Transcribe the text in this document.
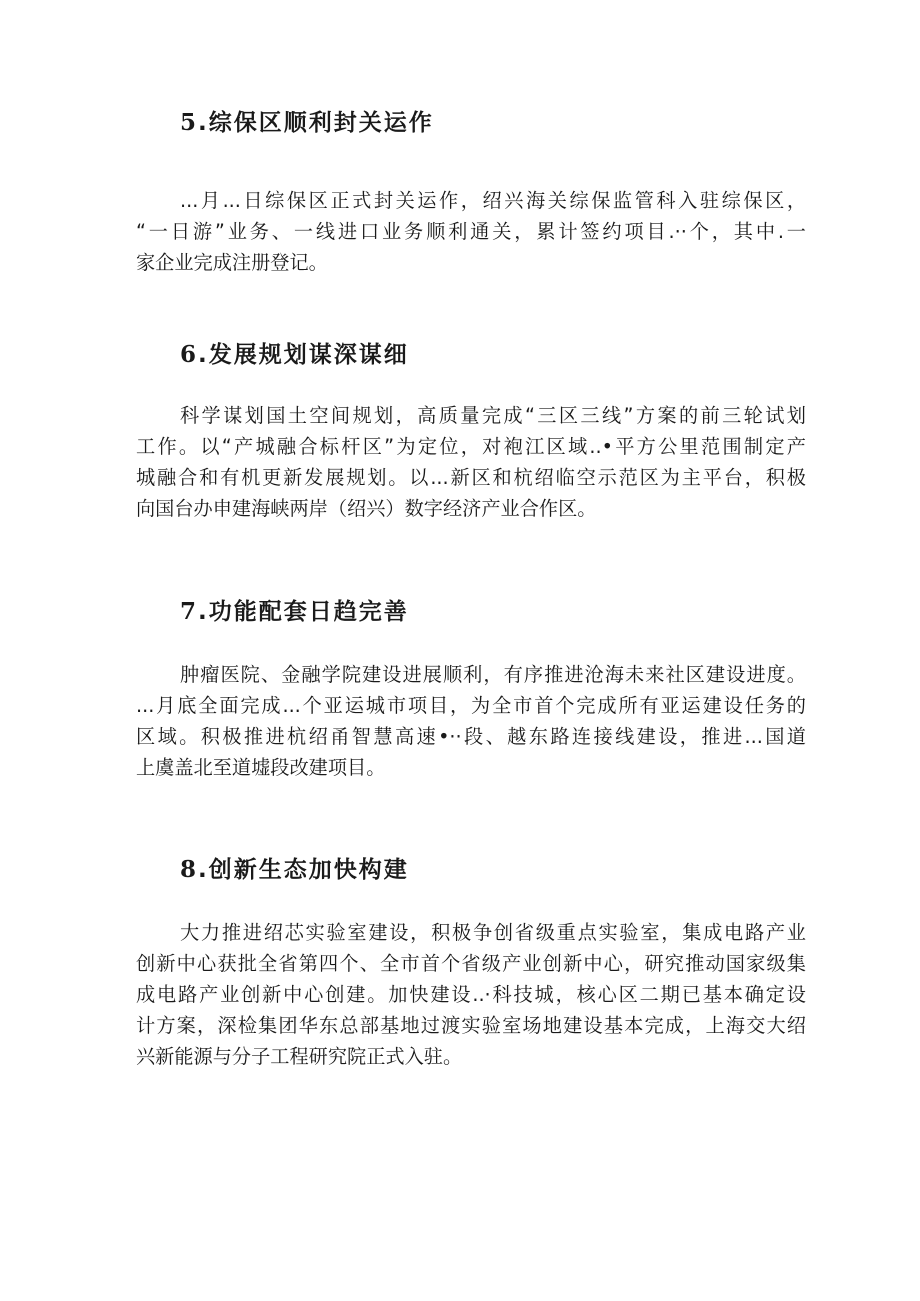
5.综保区顺利封关运作
...月...日综保区正式封关运作，绍兴海关综保监管科入驻综保区，
“一日游”业务、一线进口业务顺利通关，累计签约项目.··个，其中.一
家企业完成注册登记。
6.发展规划谋深谋细
科学谋划国土空间规划，高质量完成“三区三线”方案的前三轮试划
工作。以“产城融合标杆区”为定位，对袍江区域..•平方公里范围制定产
城融合和有机更新发展规划。以...新区和杭绍临空示范区为主平台，积极
向国台办申建海峡两岸（绍兴）数字经济产业合作区。
7.功能配套日趋完善
肿瘤医院、金融学院建设进展顺利，有序推进沧海未来社区建设进度。
...月底全面完成...个亚运城市项目，为全市首个完成所有亚运建设任务的
区域。积极推进杭绍甬智慧高速•··段、越东路连接线建设，推进...国道
上虞盖北至道墟段改建项目。
8.创新生态加快构建
大力推进绍芯实验室建设，积极争创省级重点实验室，集成电路产业
创新中心获批全省第四个、全市首个省级产业创新中心，研究推动国家级集
成电路产业创新中心创建。加快建设..·科技城，核心区二期已基本确定设
计方案，深检集团华东总部基地过渡实验室场地建设基本完成，上海交大绍
兴新能源与分子工程研究院正式入驻。
